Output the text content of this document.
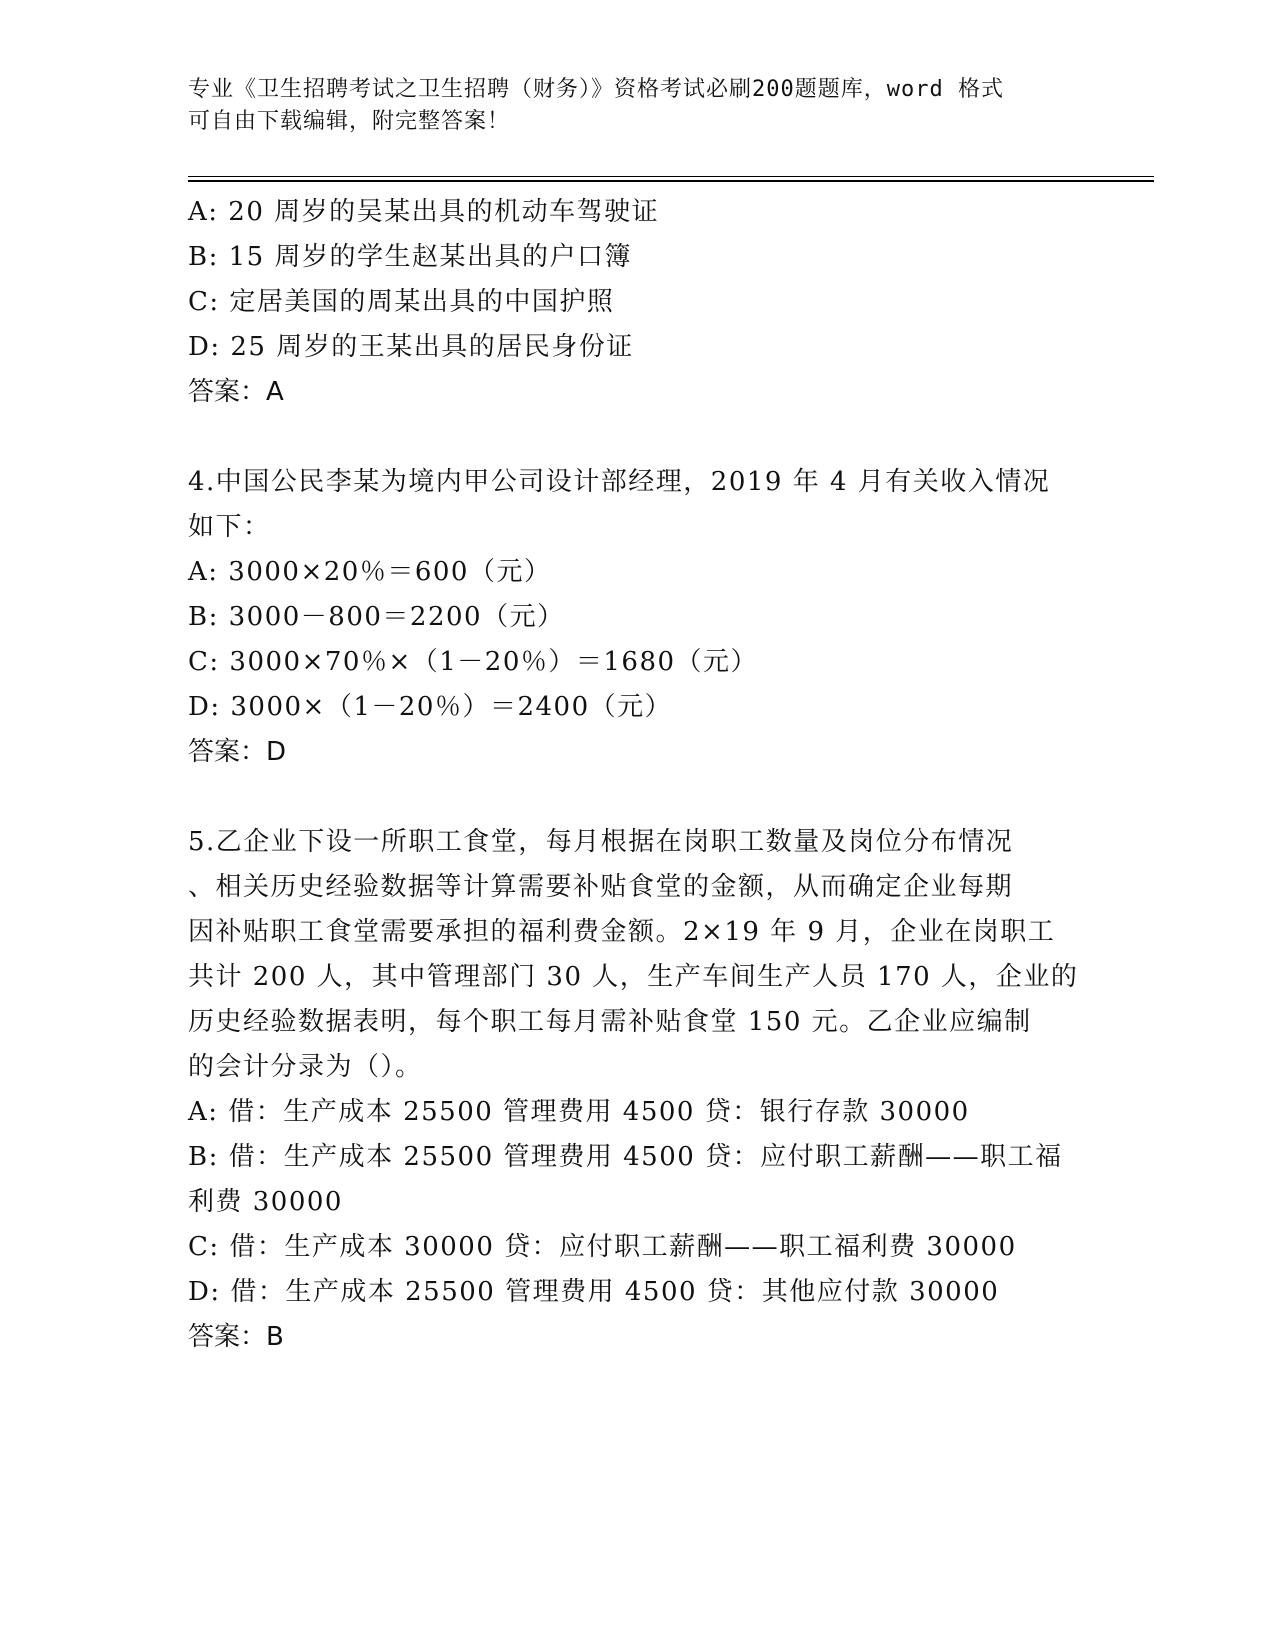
专业《卫生招聘考试之卫生招聘（财务）》资格考试必刷200题题库，word 格式
可自由下载编辑，附完整答案！
A: 20 周岁的吴某出具的机动车驾驶证
B: 15 周岁的学生赵某出具的户口簿
C: 定居美国的周某出具的中国护照
D: 25 周岁的王某出具的居民身份证
答案：A
4.中国公民李某为境内甲公司设计部经理，2019 年 4 月有关收入情况
如下：
A: 3000×20％＝600（元）
B: 3000－800＝2200（元）
C: 3000×70％×（1－20％）＝1680（元）
D: 3000×（1－20％）＝2400（元）
答案：D
5.乙企业下设一所职工食堂，每月根据在岗职工数量及岗位分布情况
、相关历史经验数据等计算需要补贴食堂的金额，从而确定企业每期
因补贴职工食堂需要承担的福利费金额。2×19 年 9 月，企业在岗职工
共计 200 人，其中管理部门 30 人，生产车间生产人员 170 人，企业的
历史经验数据表明，每个职工每月需补贴食堂 150 元。乙企业应编制
的会计分录为（）。
A: 借：生产成本 25500 管理费用 4500 贷：银行存款 30000
B: 借：生产成本 25500 管理费用 4500 贷：应付职工薪酬——职工福
利费 30000
C: 借：生产成本 30000 贷：应付职工薪酬——职工福利费 30000
D: 借：生产成本 25500 管理费用 4500 贷：其他应付款 30000
答案：B
